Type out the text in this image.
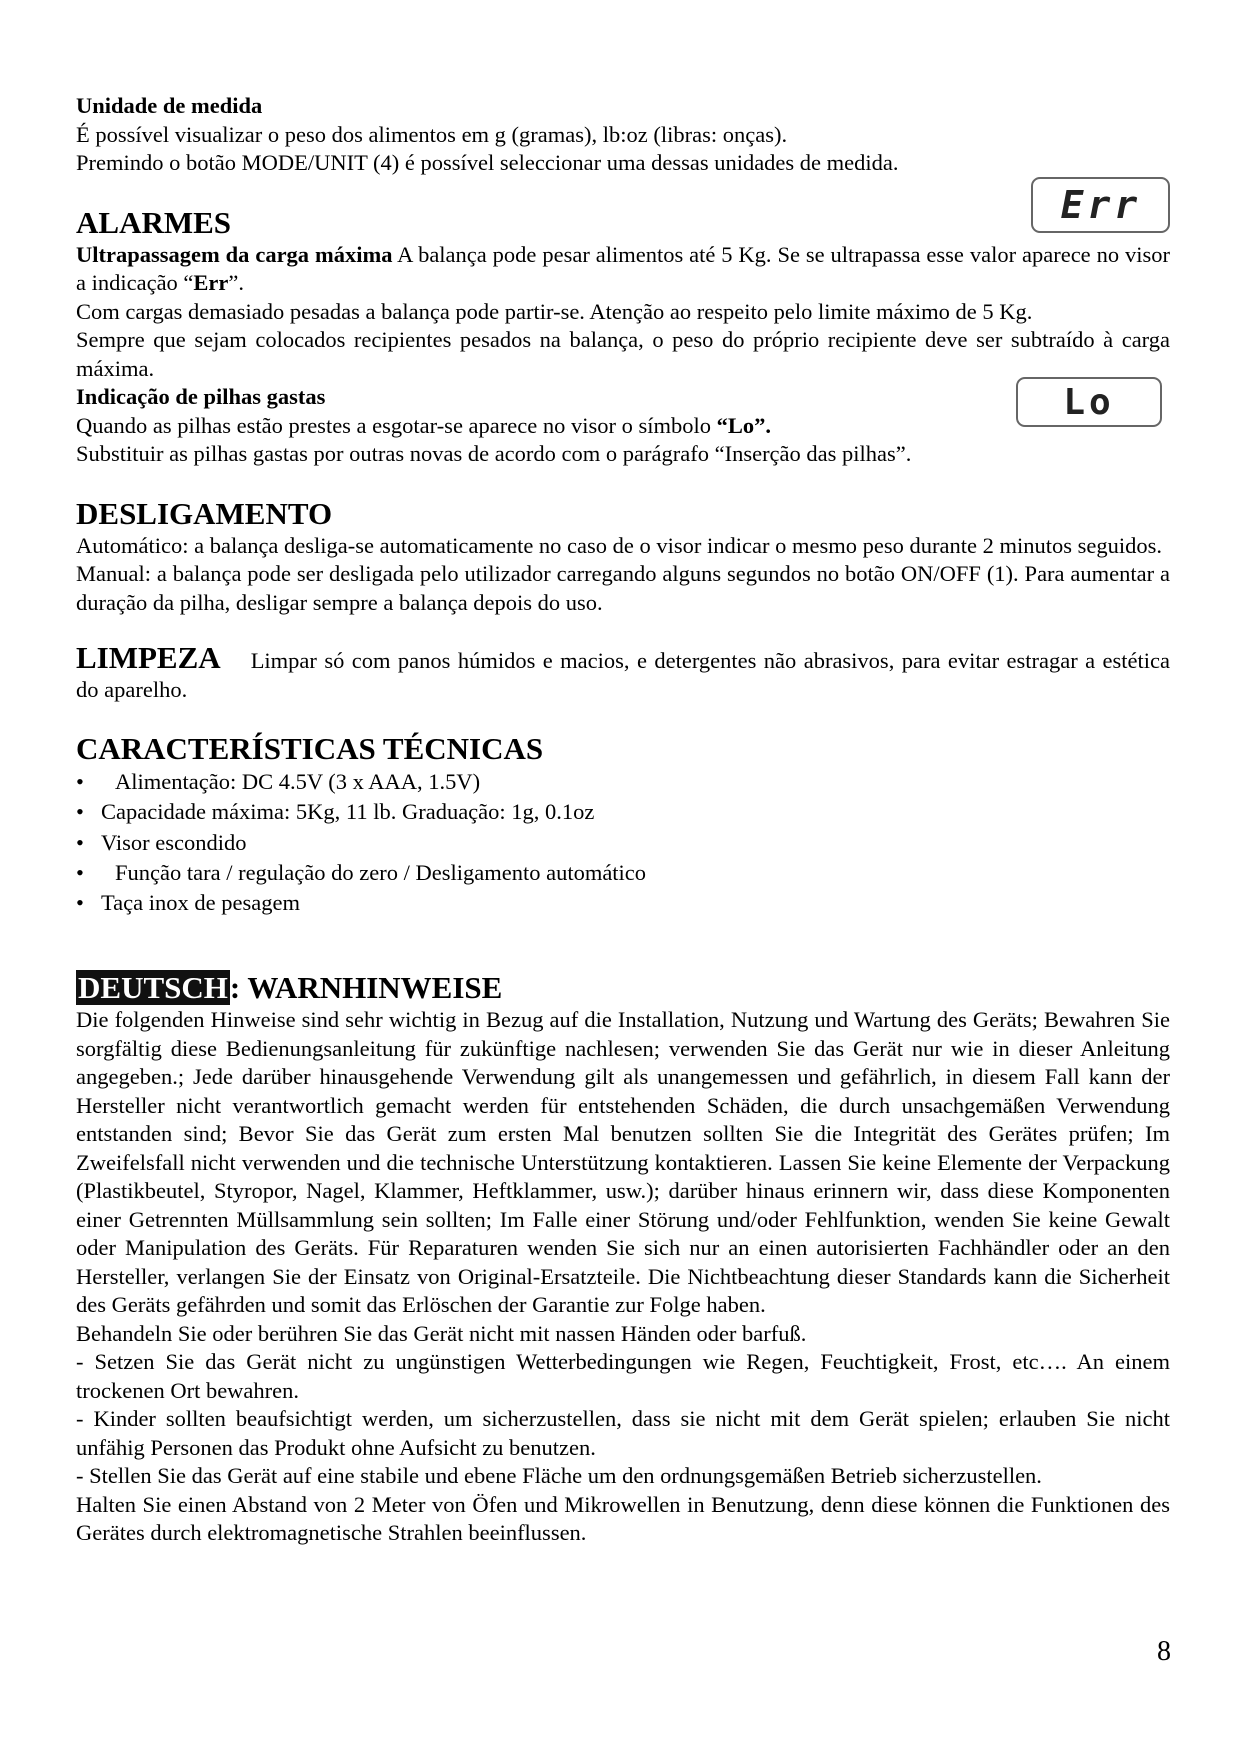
Unidade de medida

É possível visualizar o peso dos alimentos em g (gramas), lb:oz (libras: onças).

Premindo o botão MODE/UNIT (4) é possível seleccionar uma dessas unidades de medida.

Err
ALARMES

Ultrapassagem da carga máxima A balança pode pesar alimentos até 5 Kg. Se se ultrapassa esse valor aparece no visor a indicação “Err”.

Com cargas demasiado pesadas a balança pode partir-se. Atenção ao respeito pelo limite máximo de 5 Kg.

Sempre que sejam colocados recipientes pesados na balança, o peso do próprio recipiente deve ser subtraído à carga máxima.

Lo

Indicação de pilhas gastas

Quando as pilhas estão prestes a esgotar-se aparece no visor o símbolo “Lo”.

Substituir as pilhas gastas por outras novas de acordo com o parágrafo “Inserção das pilhas”.

DESLIGAMENTO

Automático: a balança desliga-se automaticamente no caso de o visor indicar o mesmo peso durante 2 minutos seguidos.

Manual: a balança pode ser desligada pelo utilizador carregando alguns segundos no botão ON/OFF (1). Para aumentar a duração da pilha, desligar sempre a balança depois do uso.

LIMPEZA Limpar só com panos húmidos e macios, e detergentes não abrasivos, para evitar estragar a estética do aparelho.

CARACTERÍSTICAS TÉCNICAS
• Alimentação: DC 4.5V (3 x AAA, 1.5V)
• Capacidade máxima: 5Kg, 11 lb. Graduação: 1g, 0.1oz
• Visor escondido
• Função tara / regulação do zero / Desligamento automático
• Taça inox de pesagem
DEUTSCH: WARNHINWEISE

Die folgenden Hinweise sind sehr wichtig in Bezug auf die Installation, Nutzung und Wartung des Geräts; Bewahren Sie sorgfältig diese Bedienungsanleitung für zukünftige nachlesen; verwenden Sie das Gerät nur wie in dieser Anleitung angegeben.; Jede darüber hinausgehende Verwendung gilt als unangemessen und gefährlich, in diesem Fall kann der Hersteller nicht verantwortlich gemacht werden für entstehenden Schäden, die durch unsachgemäßen Verwendung entstanden sind; Bevor Sie das Gerät zum ersten Mal benutzen sollten Sie die Integrität des Gerätes prüfen; Im Zweifelsfall nicht verwenden und die technische Unterstützung kontaktieren. Lassen Sie keine Elemente der Verpackung (Plastikbeutel, Styropor, Nagel, Klammer, Heftklammer, usw.); darüber hinaus erinnern wir, dass diese Komponenten einer Getrennten Müllsammlung sein sollten; Im Falle einer Störung und/oder Fehlfunktion, wenden Sie keine Gewalt oder Manipulation des Geräts. Für Reparaturen wenden Sie sich nur an einen autorisierten Fachhändler oder an den Hersteller, verlangen Sie der Einsatz von Original-Ersatzteile. Die Nichtbeachtung dieser Standards kann die Sicherheit des Geräts gefährden und somit das Erlöschen der Garantie zur Folge haben.

Behandeln Sie oder berühren Sie das Gerät nicht mit nassen Händen oder barfuß.

- Setzen Sie das Gerät nicht zu ungünstigen Wetterbedingungen wie Regen, Feuchtigkeit, Frost, etc…. An einem trockenen Ort bewahren.

- Kinder sollten beaufsichtigt werden, um sicherzustellen, dass sie nicht mit dem Gerät spielen; erlauben Sie nicht unfähig Personen das Produkt ohne Aufsicht zu benutzen.

- Stellen Sie das Gerät auf eine stabile und ebene Fläche um den ordnungsgemäßen Betrieb sicherzustellen.

Halten Sie einen Abstand von 2 Meter von Öfen und Mikrowellen in Benutzung, denn diese können die Funktionen des Gerätes durch elektromagnetische Strahlen beeinflussen.

8
